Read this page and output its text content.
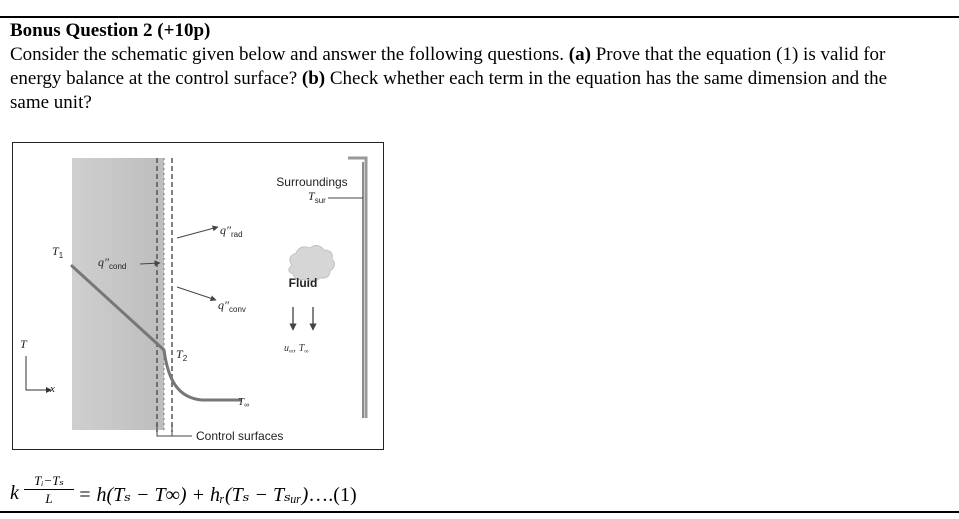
Bonus Question 2 (+10p)

Consider the schematic given below and answer the following questions. (a) Prove that the equation (1) is valid for energy balance at the control surface? (b) Check whether each term in the equation has the same dimension and the same unit?

Surroundings
$T_{sur}$
$q''_{rad}$
$T_1$	$q''_{cond}$
Fluid
$u_\infty$, $T_\infty$
$q''_{conv}$
$T_2$
T∞
T
x
Control surfaces
k
Tᵢ−Tₛ
L	= h(Tₛ − T∞) + hᵣ(Tₛ − Tₛᵤᵣ)….(1)
